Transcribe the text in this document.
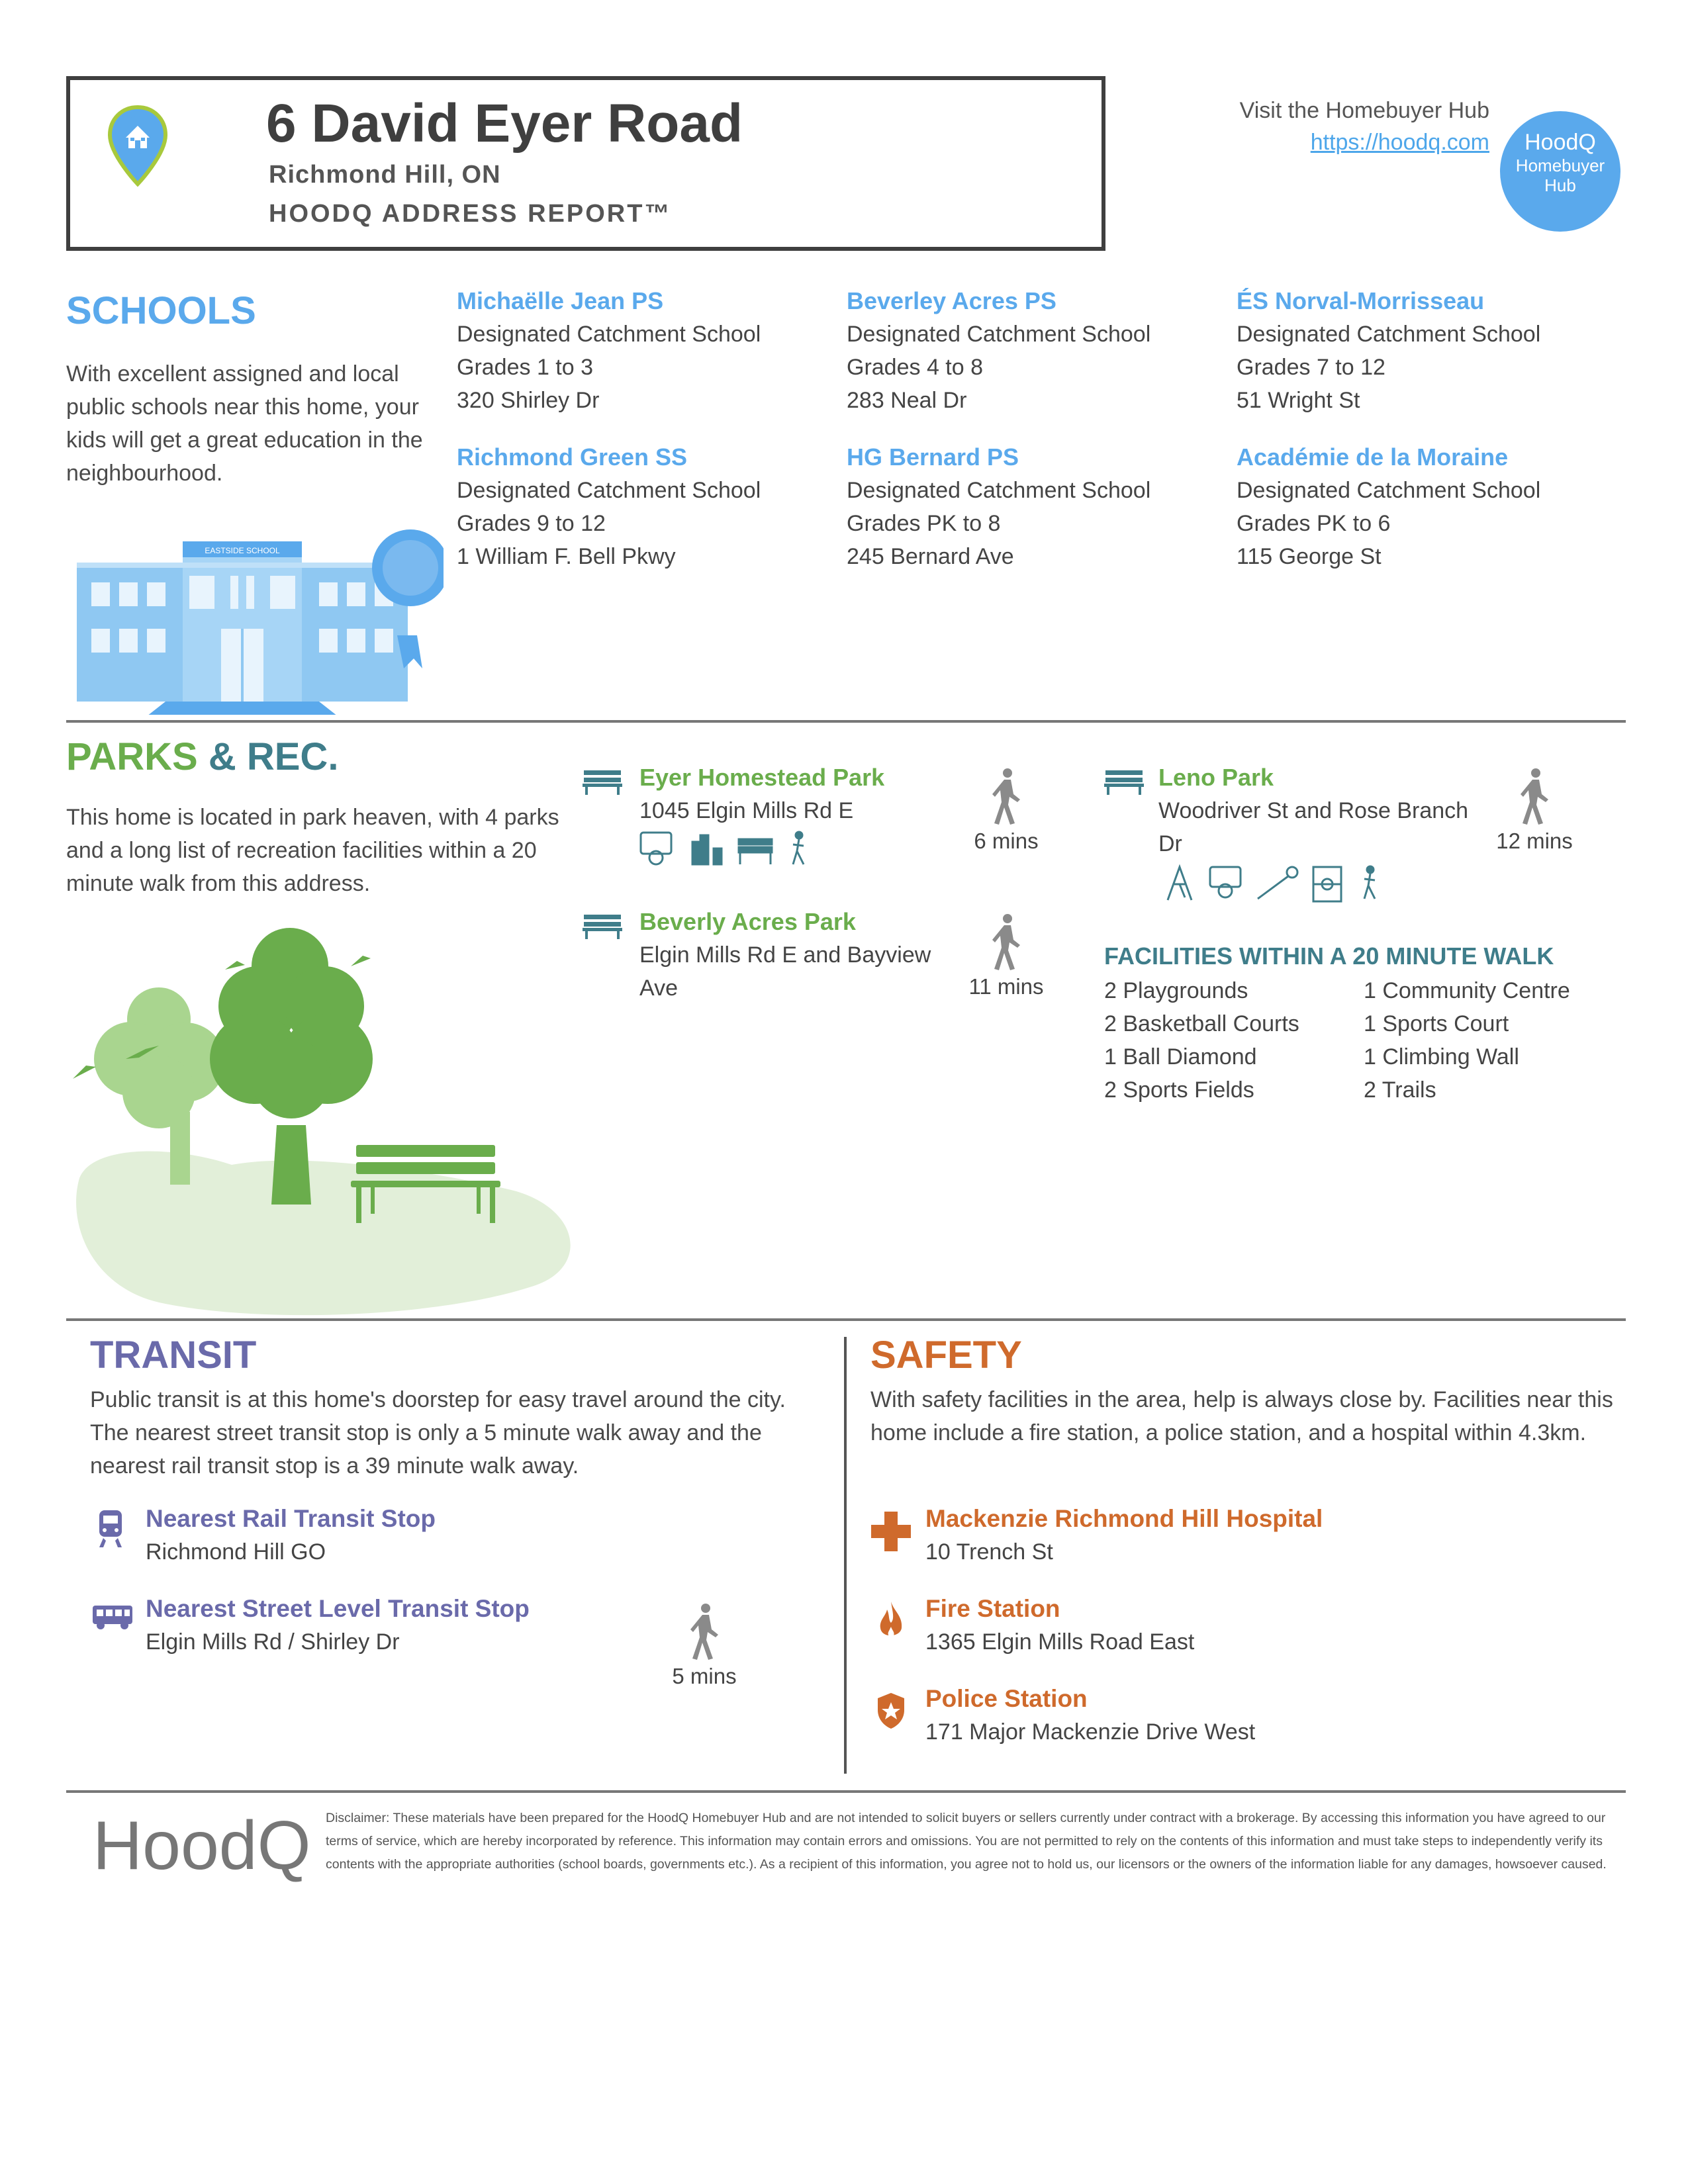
6 David Eyer Road
Richmond Hill, ON
HOODQ ADDRESS REPORT™
Visit the Homebuyer Hub
https://hoodq.com	HoodQ
Homebuyer
Hub
SCHOOLS
With excellent assigned and local public schools near this home, your kids will get a great education in the neighbourhood.
EASTSIDE SCHOOL
Michaëlle Jean PS
Designated Catchment School
Grades 1 to 3
320 Shirley Dr
Beverley Acres PS
Designated Catchment School
Grades 4 to 8
283 Neal Dr
ÉS Norval-Morrisseau
Designated Catchment School
Grades 7 to 12
51 Wright St
Richmond Green SS
Designated Catchment School
Grades 9 to 12
1 William F. Bell Pkwy
HG Bernard PS
Designated Catchment School
Grades PK to 8
245 Bernard Ave
Académie de la Moraine
Designated Catchment School
Grades PK to 6
115 George St
PARKS & REC.
This home is located in park heaven, with 4 parks and a long list of recreation facilities within a 20 minute walk from this address.
Eyer Homestead Park
1045 Elgin Mills Rd E
6 mins
Beverly Acres Park
Elgin Mills Rd E and Bayview Ave	11 mins
Leno Park
Woodriver St and Rose Branch Dr	12 mins
FACILITIES WITHIN A 20 MINUTE WALK
2 Playgrounds
2 Basketball Courts
1 Ball Diamond
2 Sports Fields
1 Community Centre
1 Sports Court
1 Climbing Wall
2 Trails
TRANSIT
Public transit is at this home's doorstep for easy travel around the city. The nearest street transit stop is only a 5 minute walk away and the nearest rail transit stop is a 39 minute walk away.
Nearest Rail Transit Stop
Richmond Hill GO
Nearest Street Level Transit Stop
Elgin Mills Rd / Shirley Dr
5 mins
SAFETY
With safety facilities in the area, help is always close by. Facilities near this home include a fire station, a police station, and a hospital within 4.3km.
Mackenzie Richmond Hill Hospital
10 Trench St
Fire Station
1365 Elgin Mills Road East
Police Station
171 Major Mackenzie Drive West
HoodQ Disclaimer: These materials have been prepared for the HoodQ Homebuyer Hub and are not intended to solicit buyers or sellers currently under contract with a brokerage. By accessing this information you have agreed to our terms of service, which are hereby incorporated by reference. This information may contain errors and omissions. You are not permitted to rely on the contents of this information and must take steps to independently verify its contents with the appropriate authorities (school boards, governments etc.). As a recipient of this information, you agree not to hold us, our licensors or the owners of the information liable for any damages, howsoever caused.
